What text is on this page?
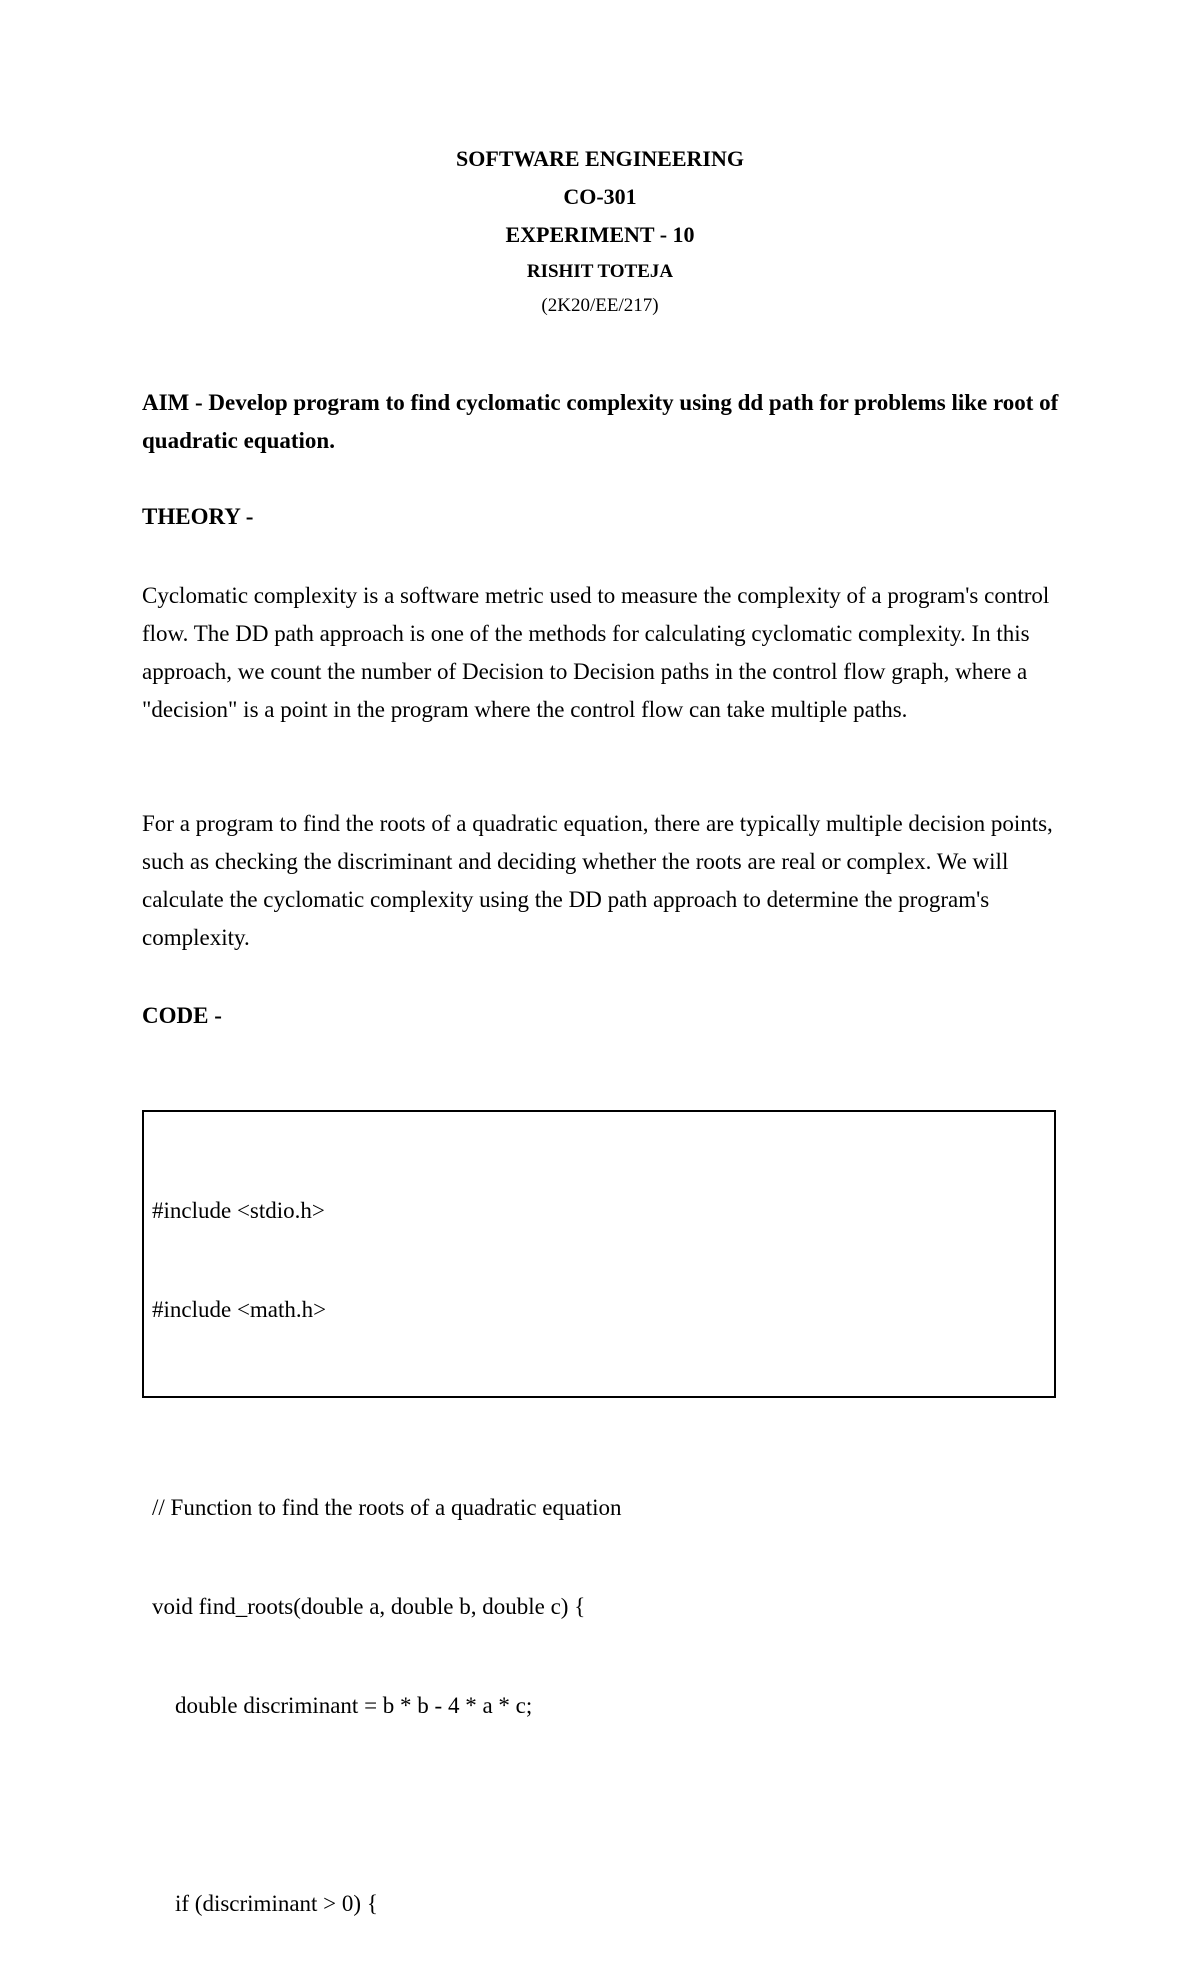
SOFTWARE ENGINEERING
CO-301
EXPERIMENT - 10
RISHIT TOTEJA
(2K20/EE/217)
AIM - Develop program to find cyclomatic complexity using dd path for problems like root of quadratic equation.
THEORY -
Cyclomatic complexity is a software metric used to measure the complexity of a program's control flow. The DD path approach is one of the methods for calculating cyclomatic complexity. In this approach, we count the number of Decision to Decision paths in the control flow graph, where a "decision" is a point in the program where the control flow can take multiple paths.
For a program to find the roots of a quadratic equation, there are typically multiple decision points, such as checking the discriminant and deciding whether the roots are real or complex. We will calculate the cyclomatic complexity using the DD path approach to determine the program's complexity.
CODE -

#include <stdio.h>

#include <math.h>

// Function to find the roots of a quadratic equation

void find_roots(double a, double b, double c) {

double discriminant = b * b - 4 * a * c;

if (discriminant > 0) {
